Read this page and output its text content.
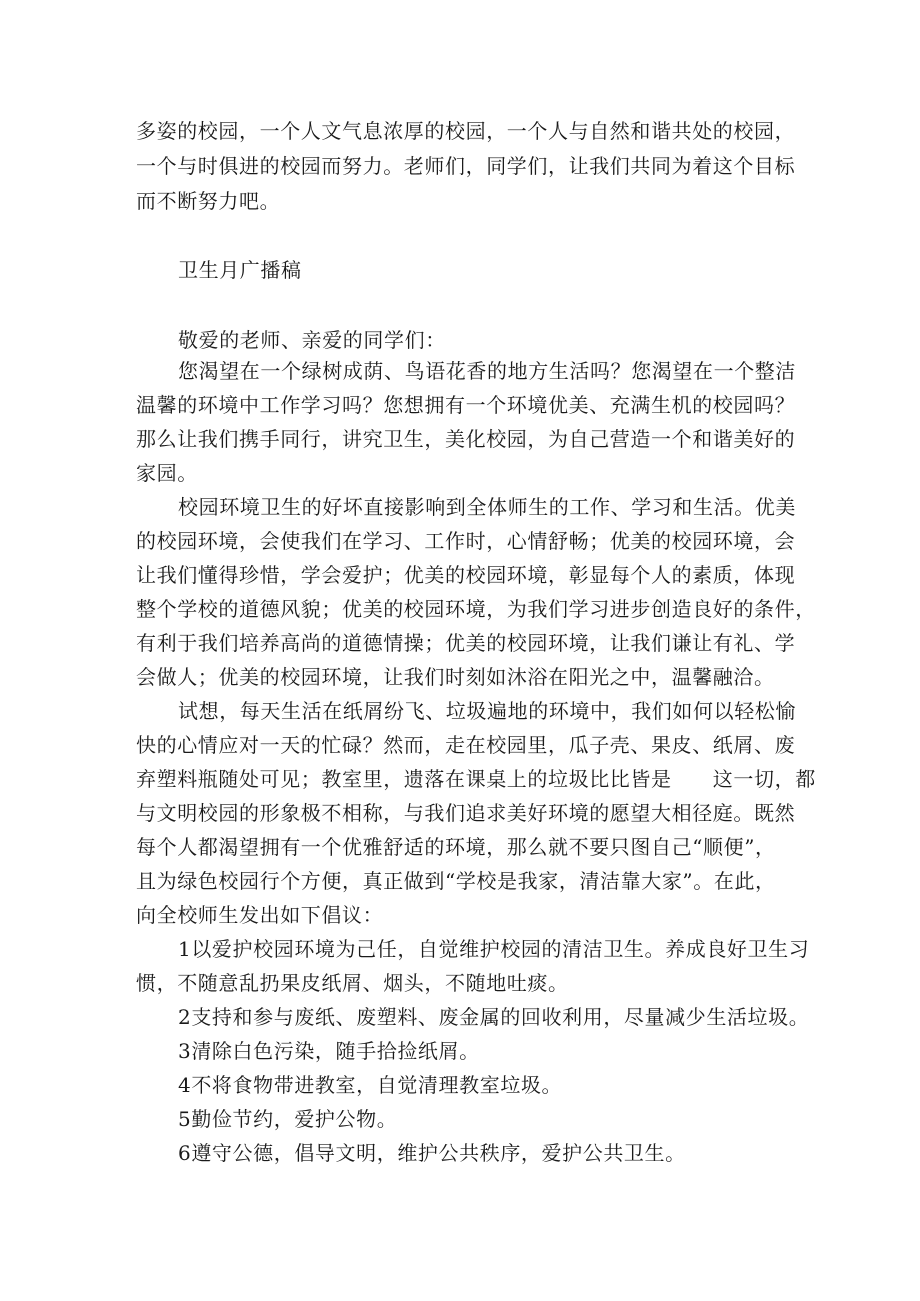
多姿的校园，一个人文气息浓厚的校园，一个人与自然和谐共处的校园，
一个与时俱进的校园而努力。老师们，同学们，让我们共同为着这个目标
而不断努力吧。
卫生月广播稿
敬爱的老师、亲爱的同学们：
您渴望在一个绿树成荫、鸟语花香的地方生活吗？您渴望在一个整洁
温馨的环境中工作学习吗？您想拥有一个环境优美、充满生机的校园吗？
那么让我们携手同行，讲究卫生，美化校园，为自己营造一个和谐美好的
家园。
校园环境卫生的好坏直接影响到全体师生的工作、学习和生活。优美
的校园环境，会使我们在学习、工作时，心情舒畅；优美的校园环境，会
让我们懂得珍惜，学会爱护；优美的校园环境，彰显每个人的素质，体现
整个学校的道德风貌；优美的校园环境，为我们学习进步创造良好的条件，
有利于我们培养高尚的道德情操；优美的校园环境，让我们谦让有礼、学
会做人；优美的校园环境，让我们时刻如沐浴在阳光之中，温馨融洽。
试想，每天生活在纸屑纷飞、垃圾遍地的环境中，我们如何以轻松愉
快的心情应对一天的忙碌？然而，走在校园里，瓜子壳、果皮、纸屑、废
弃塑料瓶随处可见；教室里，遗落在课桌上的垃圾比比皆是　　这一切，都
与文明校园的形象极不相称，与我们追求美好环境的愿望大相径庭。既然
每个人都渴望拥有一个优雅舒适的环境，那么就不要只图自己“顺便”，
且为绿色校园行个方便，真正做到“学校是我家，清洁靠大家”。在此，
向全校师生发出如下倡议：
1以爱护校园环境为己任，自觉维护校园的清洁卫生。养成良好卫生习
惯，不随意乱扔果皮纸屑、烟头，不随地吐痰。
2支持和参与废纸、废塑料、废金属的回收利用，尽量减少生活垃圾。
3清除白色污染，随手拾捡纸屑。
4不将食物带进教室，自觉清理教室垃圾。
5勤俭节约，爱护公物。
6遵守公德，倡导文明，维护公共秩序，爱护公共卫生。
